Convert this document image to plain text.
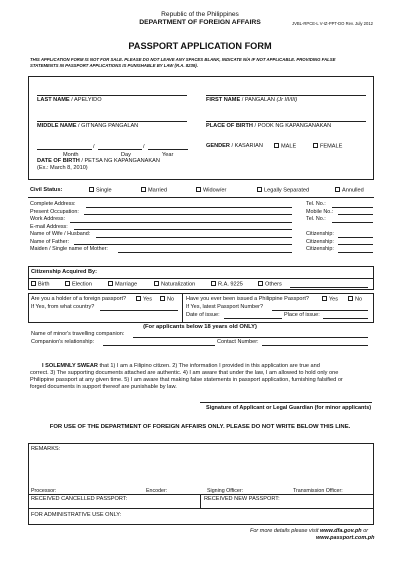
Republic of the Philippines
DEPARTMENT OF FOREIGN AFFAIRS	JVBL-RPCE-L V-IZ-PPT-DO Rev. July 2012
PASSPORT APPLICATION FORM
THIS APPLICATION FORM IS NOT FOR SALE. PLEASE DO NOT LEAVE ANY SPACES BLANK, INDICATE N/A IF NOT APPLICABLE. PROVIDING FALSE
STATEMENTS IN PASSPORT APPLICATIONS IS PUNISHABLE BY LAW (R.A. 8239).
LAST NAME / APELYIDO	FIRST NAME / PANGALAN (Jr III/III)
MIDDLE NAME / GITNANG PANGALAN	PLACE OF BIRTH / POOK NG KAPANGANAKAN
/	/
Month	Day	Year
DATE OF BIRTH / PETSA NG KAPANGANAKAN
(Ex.: March 8, 2010)
GENDER / KASARIAN	MALE	FEMALE
Civil Status:	Single	Married	Widow/er	Legally Separated	Annulled
Complete Address:	Tel. No.:
Present Occupation:	Mobile No.:
Work Address:	Tel. No.:
E-mail Address:
Name of Wife / Husband:	Citizenship:
Name of Father:	Citizenship:
Maiden / Single name of Mother:	Citizenship:
Citizenship Acquired By:
Birth	Election	Marriage	Naturalization	R.A. 9225	Others
Are you a holder of a foreign passport?	Yes	No
If Yes, from what country?
Have you ever been issued a Philippine Passport?	Yes	No
If Yes, latest Passport Number?
Date of issue:	Place of issue:
(For applicants below 18 years old ONLY)
Name of minor's travelling companion:
Companion's relationship:	Contact Number:
I SOLEMNLY SWEAR that 1) I am a Filipino citizen. 2) The information I provided in this application are true and
correct. 3) The supporting documents attached are authentic. 4) I am aware that under the law, I am allowed to hold only one
Philippine passport at any given time. 5) I am aware that making false statements in passport application, furnishing falsified or
forged documents in support thereof are punishable by law.
Signature of Applicant or Legal Guardian (for minor applicants)
FOR USE OF THE DEPARTMENT OF FOREIGN AFFAIRS ONLY. PLEASE DO NOT WRITE BELOW THIS LINE.
REMARKS:
Processor:	Encoder:	Signing Officer:	Transmission Officer:
RECEIVED CANCELLED PASSPORT:	RECEIVED NEW PASSPORT:
FOR ADMINISTRATIVE USE ONLY:
For more details please visit www.dfa.gov.ph or
www.passport.com.ph
